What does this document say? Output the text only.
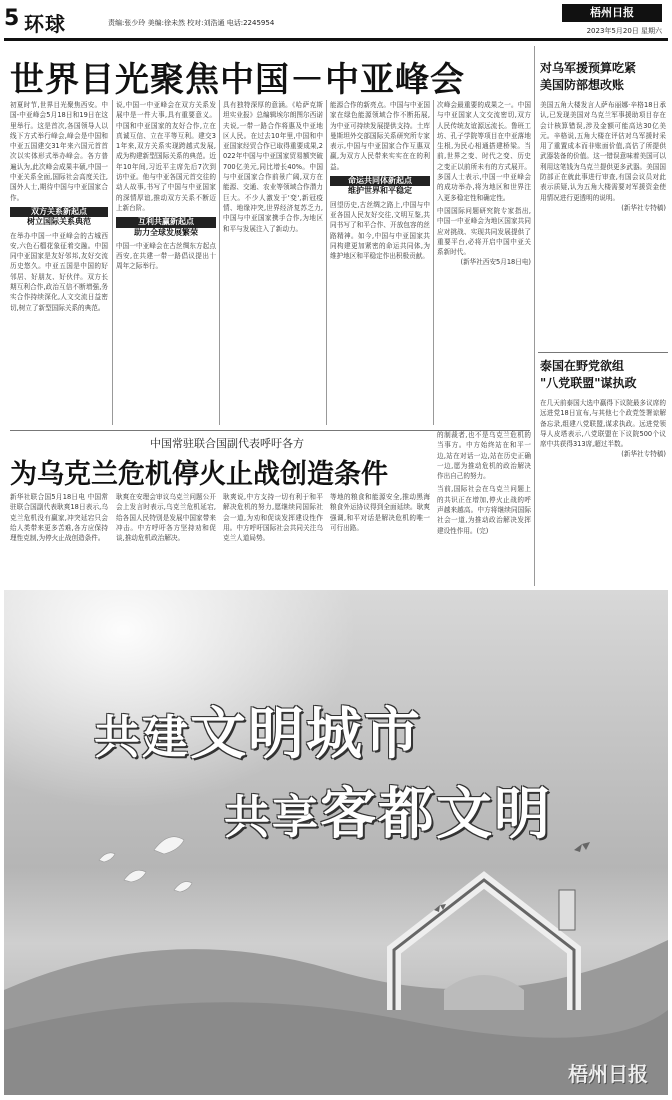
5 环球	责编:张少玲 美编:徐未然 校对:刘浩通 电话:2245954
梧州日报
2023年5月20日 星期六
世界目光聚焦中国－中亚峰会
初夏时节,世界目光聚焦西安。中国-中亚峰会5月18日和19日在这里举行。这是首次,各国领导人以线下方式举行峰会,峰会是中国和中亚五国建交31年来六国元首首次以实体形式举办峰会。各方普遍认为,此次峰会成果丰硕,中国一中亚关系全面,国际社会高度关注,国外人士,期待中国与中亚国家合作。
双方关系新起点
树立国际关系典范
在举办中国一中亚峰会的古城西安,六色石榴花象征着交融。中国同中亚国家是友好邻邦,友好交流历史悠久。中亚五国是中国的好邻居、好朋友、好伙伴。双方长期互利合作,政治互信不断增强,务实合作持续深化,人文交流日益密切,树立了新型国际关系的典范。
说,中国一中亚峰会在双方关系发展中是一件大事,具有重要意义。中国和中亚国家的友好合作,立在真诚互信、立在平等互利。建交31年来,双方关系实现跨越式发展,成为构建新型国际关系的典范。近年10年间,习近平主席先后7次到访中亚。他与中亚各国元首交往的动人故事,书写了中国与中亚国家的深情厚谊,推动双方关系不断迈上新台阶。
互利共赢新起点
助力全球发展繁荣
中国一中亚峰会在古丝绸东方起点西安,在共建一带一路倡议提出十周年之际举行。
具有独特深厚的意涵。《哈萨克斯坦实业报》总编辑埃尔朗图尔西诺夫说,一带一路合作将惠及中亚地区人民。在过去10年里,中国和中亚国家经贸合作已取得重要成果,2022年中国与中亚国家贸易额突破700亿美元,同比增长40%。中国与中亚国家合作前景广阔,双方在能源、交通、农业等领域合作潜力巨大。不少人激发于'变',新冠疫情、地缘冲突,世界经济复苏乏力,中国与中亚国家携手合作,为地区和平与发展注入了新动力。
能源合作的新亮点。中国与中亚国家在绿色能源领域合作不断拓展,为中亚可持续发展提供支持。土库曼斯坦外交部国际关系研究所专家表示,中国与中亚国家合作互惠双赢,为双方人民带来实实在在的利益。
命运共同体新起点
维护世界和平稳定
回望历史,古丝绸之路上,中国与中亚各国人民友好交往,文明互鉴,共同书写了和平合作、开放包容的丝路精神。如今,中国与中亚国家共同构建更加紧密的命运共同体,为维护地区和平稳定作出积极贡献。
次峰会最重要的成果之一。中国与中亚国家人文交流密切,双方人民传统友谊源远流长。鲁班工坊、孔子学院等项目在中亚落地生根,为民心相通搭建桥梁。当前,世界之变、时代之变、历史之变正以前所未有的方式展开。多国人士表示,中国一中亚峰会的成功举办,将为地区和世界注入更多稳定性和确定性。
中国国际问题研究院专家指出,中国一中亚峰会为地区国家共同应对挑战、实现共同发展提供了重要平台,必将开启中国中亚关系新时代。
(新华社西安5月18日电)
对乌军援预算吃紧
美国防部想改账
美国五角大楼发言人萨布丽娜·辛格18日承认,已发现美国对乌克兰军事援助项目存在会计核算错误,涉及金额可能高达30亿美元。辛格说,五角大楼在评估对乌军援时采用了重置成本而非账面价值,高估了所提供武器装备的价值。这一错误意味着美国可以利用这笔钱为乌克兰提供更多武器。美国国防部正在就此事进行审查,有国会议员对此表示质疑,认为五角大楼需要对军援资金使用情况进行更透明的说明。
(新华社专特稿)
泰国在野党欲组
"八党联盟"谋执政
在几天前泰国大选中赢得下议院最多议席的远进党18日宣布,与其他七个政党签署谅解备忘录,组建八党联盟,谋求执政。远进党领导人皮塔表示,八党联盟在下议院500个议席中共获得313席,超过半数。
(新华社专特稿)
中国常驻联合国副代表呼吁各方
为乌克兰危机停火止战创造条件
新华社联合国5月18日电 中国常驻联合国副代表耿爽18日表示,乌克兰危机没有赢家,冲突延宕只会给人类带来更多苦难,各方应保持理性克制,为停火止战创造条件。
耿爽在安理会审议乌克兰问题公开会上发言时表示,乌克兰危机延宕,给各国人民特别是发展中国家带来冲击。中方呼吁各方坚持劝和促谈,推动危机政治解决。
耿爽说,中方支持一切有利于和平解决危机的努力,愿继续同国际社会一道,为劝和促谈发挥建设性作用。中方呼吁国际社会共同关注乌克兰人道局势。
等地的粮食和能源安全,推动黑海粮食外运协议得到全面延续。耿爽强调,和平对话是解决危机的唯一可行出路。
的制裁者,也不是乌克兰危机的当事方。中方始终站在和平一边,站在对话一边,站在历史正确一边,愿为推动危机的政治解决作出自己的努力。
当前,国际社会在乌克兰问题上的共识正在增加,停火止战的呼声越来越高。中方将继续同国际社会一道,为推动政治解决发挥建设性作用。(完)
共建文明城市
共享客都文明
梧州日报
